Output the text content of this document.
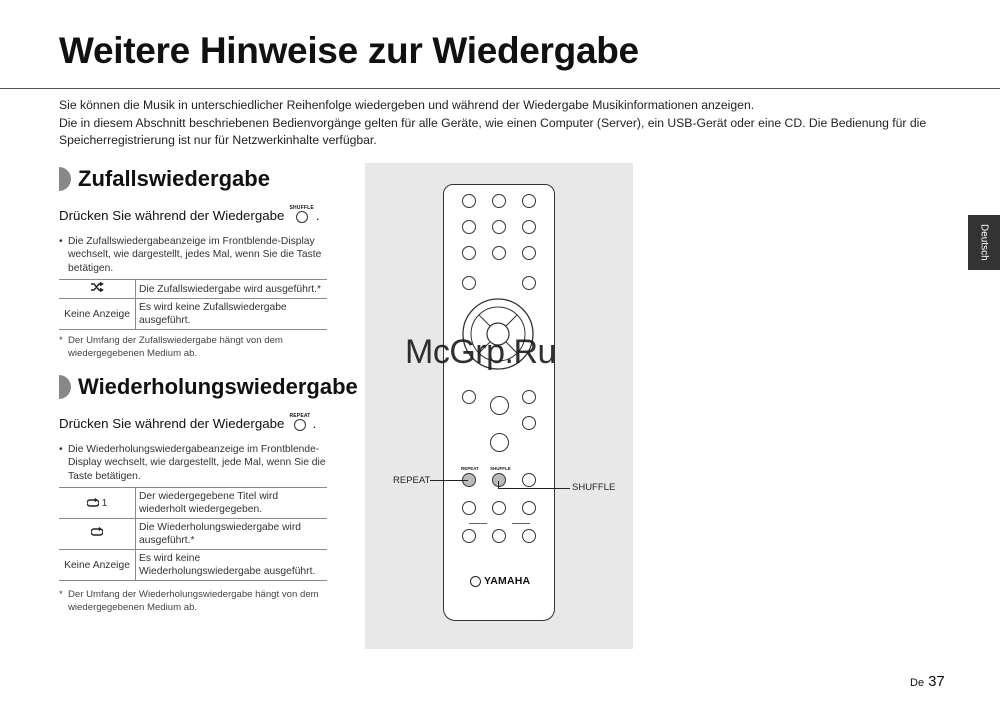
Weitere Hinweise zur Wiedergabe

Sie können die Musik in unterschiedlicher Reihenfolge wiedergeben und während der Wiedergabe Musikinformationen anzeigen.

Die in diesem Abschnitt beschriebenen Bedienvorgänge gelten für alle Geräte, wie einen Computer (Server), ein USB-Gerät oder eine CD. Die Bedienung für die Speicherregistrierung ist nur für Netzwerkinhalte verfügbar.

Zufallswiedergabe
Drücken Sie während der Wiedergabe SHUFFLE .
• Die Zufallswiedergabeanzeige im Frontblende-Display wechselt, wie dargestellt, jedes Mal, wenn Sie die Taste betätigen.
	Die Zufallswiedergabe wird ausgeführt.*
Keine Anzeige	Es wird keine Zufallswiedergabe ausgeführt.
* Der Umfang der Zufallswiedergabe hängt von dem wiedergegebenen Medium ab.
Wiederholungswiedergabe
Drücken Sie während der Wiedergabe REPEAT .
• Die Wiederholungswiedergabeanzeige im Frontblende-Display wechselt, wie dargestellt, jede Mal, wenn Sie die Taste betätigen.
1	Der wiedergegebene Titel wird wiederholt wiedergegeben.
	Die Wiederholungswiedergabe wird ausgeführt.*
Keine Anzeige	Es wird keine Wiederholungswiedergabe ausgeführt.
* Der Umfang der Wiederholungswiedergabe hängt von dem wiedergegebenen Medium ab.
REPEAT SHUFFLE
YAMAHA
REPEAT
SHUFFLE
McGrp.Ru
Deutsch
De 37
